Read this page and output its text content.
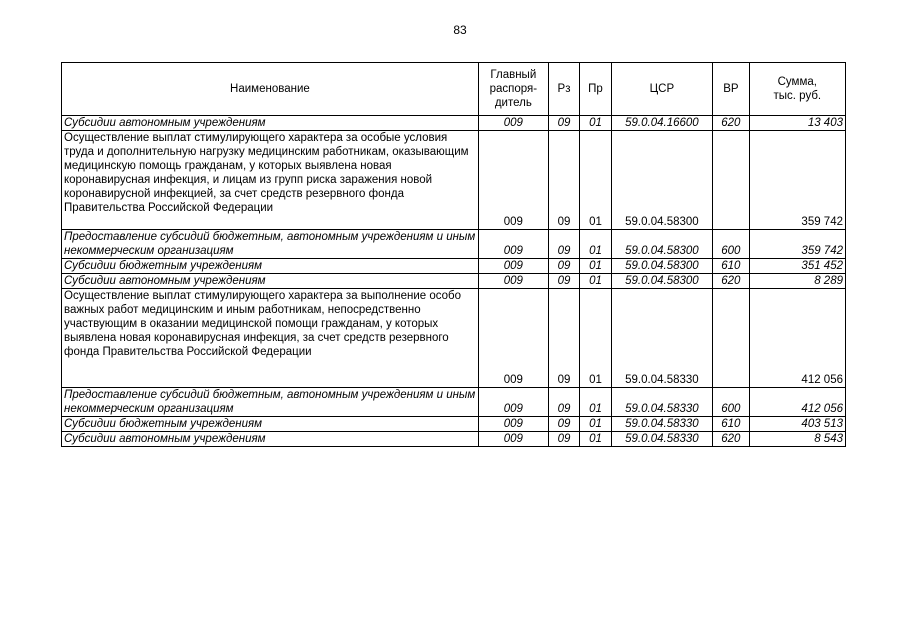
83
Наименование	Главный
распоря-
дитель	Рз	Пр	ЦСР	ВР	Сумма,
тыс. руб.
Субсидии автономным учреждениям	009	09	01	59.0.04.16600	620	13 403
Осуществление выплат стимулирующего характера за особые условия труда и дополнительную нагрузку медицинским работникам, оказывающим медицинскую помощь гражданам, у которых выявлена новая коронавирусная инфекция, и лицам из групп риска заражения новой коронавирусной инфекцией, за счет средств резервного фонда Правительства Российской Федерации	009	09	01	59.0.04.58300		359 742
Предоставление субсидий бюджетным, автономным учреждениям и иным некоммерческим организациям	009	09	01	59.0.04.58300	600	359 742
Субсидии бюджетным учреждениям	009	09	01	59.0.04.58300	610	351 452
Субсидии автономным учреждениям	009	09	01	59.0.04.58300	620	8 289
Осуществление выплат стимулирующего характера за выполнение особо важных работ медицинским и иным работникам, непосредственно участвующим в оказании медицинской помощи гражданам, у которых выявлена новая коронавирусная инфекция, за счет средств резервного фонда Правительства Российской Федерации	009	09	01	59.0.04.58330		412 056
Предоставление субсидий бюджетным, автономным учреждениям и иным некоммерческим организациям	009	09	01	59.0.04.58330	600	412 056
Субсидии бюджетным учреждениям	009	09	01	59.0.04.58330	610	403 513
Субсидии автономным учреждениям	009	09	01	59.0.04.58330	620	8 543
